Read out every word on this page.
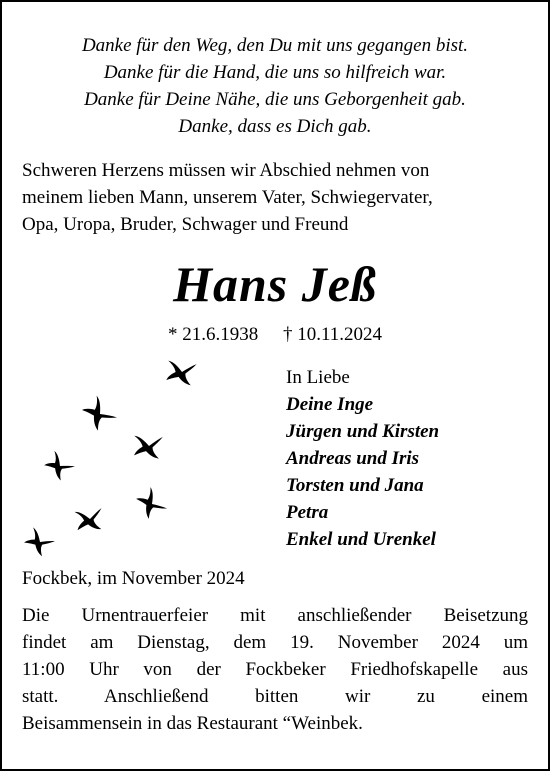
Danke für den Weg, den Du mit uns gegangen bist.
Danke für die Hand, die uns so hilfreich war.
Danke für Deine Nähe, die uns Geborgenheit gab.
Danke, dass es Dich gab.
Schweren Herzens müssen wir Abschied nehmen von
meinem lieben Mann, unserem Vater, Schwiegervater,
Opa, Uropa, Bruder, Schwager und Freund
Hans Jeß
* 21.6.1938 † 10.11.2024
In Liebe
Deine Inge
Jürgen und Kirsten
Andreas und Iris
Torsten und Jana
Petra
Enkel und Urenkel
Fockbek, im November 2024
Die Urnentrauerfeier mit anschließender Beisetzung
findet am Dienstag, dem 19. November 2024 um
11:00 Uhr von der Fockbeker Friedhofskapelle aus
statt. Anschließend bitten wir zu einem
Beisammensein in das Restaurant “Weinbek.
